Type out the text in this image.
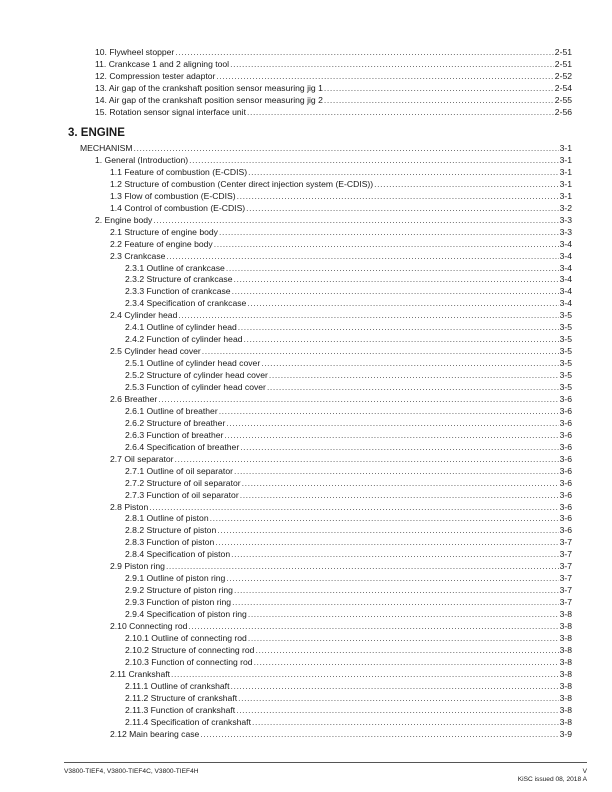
10. Flywheel stopper .....	2-51
11. Crankcase 1 and 2 aligning tool .....	2-51
12. Compression tester adaptor .....	2-52
13. Air gap of the crankshaft position sensor measuring jig 1 .....	2-54
14. Air gap of the crankshaft position sensor measuring jig 2 .....	2-55
15. Rotation sensor signal interface unit .....	2-56
3. ENGINE
MECHANISM .....	3-1
1. General (Introduction) .....	3-1
1.1 Feature of combustion (E-CDIS) .....	3-1
1.2 Structure of combustion (Center direct injection system (E-CDIS)) .....	3-1
1.3 Flow of combustion (E-CDIS) .....	3-1
1.4 Control of combustion (E-CDIS) .....	3-2
2. Engine body .....	3-3
2.1 Structure of engine body .....	3-3
2.2 Feature of engine body .....	3-4
2.3 Crankcase .....	3-4
2.3.1 Outline of crankcase .....	3-4
2.3.2 Structure of crankcase .....	3-4
2.3.3 Function of crankcase .....	3-4
2.3.4 Specification of crankcase .....	3-4
2.4 Cylinder head .....	3-5
2.4.1 Outline of cylinder head .....	3-5
2.4.2 Function of cylinder head .....	3-5
2.5 Cylinder head cover .....	3-5
2.5.1 Outline of cylinder head cover .....	3-5
2.5.2 Structure of cylinder head cover .....	3-5
2.5.3 Function of cylinder head cover .....	3-5
2.6 Breather .....	3-6
2.6.1 Outline of breather .....	3-6
2.6.2 Structure of breather .....	3-6
2.6.3 Function of breather .....	3-6
2.6.4 Specification of breather .....	3-6
2.7 Oil separator .....	3-6
2.7.1 Outline of oil separator .....	3-6
2.7.2 Structure of oil separator .....	3-6
2.7.3 Function of oil separator .....	3-6
2.8 Piston .....	3-6
2.8.1 Outline of piston .....	3-6
2.8.2 Structure of piston .....	3-6
2.8.3 Function of piston .....	3-7
2.8.4 Specification of piston .....	3-7
2.9 Piston ring .....	3-7
2.9.1 Outline of piston ring .....	3-7
2.9.2 Structure of piston ring .....	3-7
2.9.3 Function of piston ring .....	3-7
2.9.4 Specification of piston ring .....	3-8
2.10 Connecting rod .....	3-8
2.10.1 Outline of connecting rod .....	3-8
2.10.2 Structure of connecting rod .....	3-8
2.10.3 Function of connecting rod .....	3-8
2.11 Crankshaft .....	3-8
2.11.1 Outline of crankshaft .....	3-8
2.11.2 Structure of crankshaft .....	3-8
2.11.3 Function of crankshaft .....	3-8
2.11.4 Specification of crankshaft .....	3-8
2.12 Main bearing case .....	3-9
V3800-TIEF4, V3800-TIEF4C, V3800-TIEF4H	V
KiSC issued 08, 2018 A
